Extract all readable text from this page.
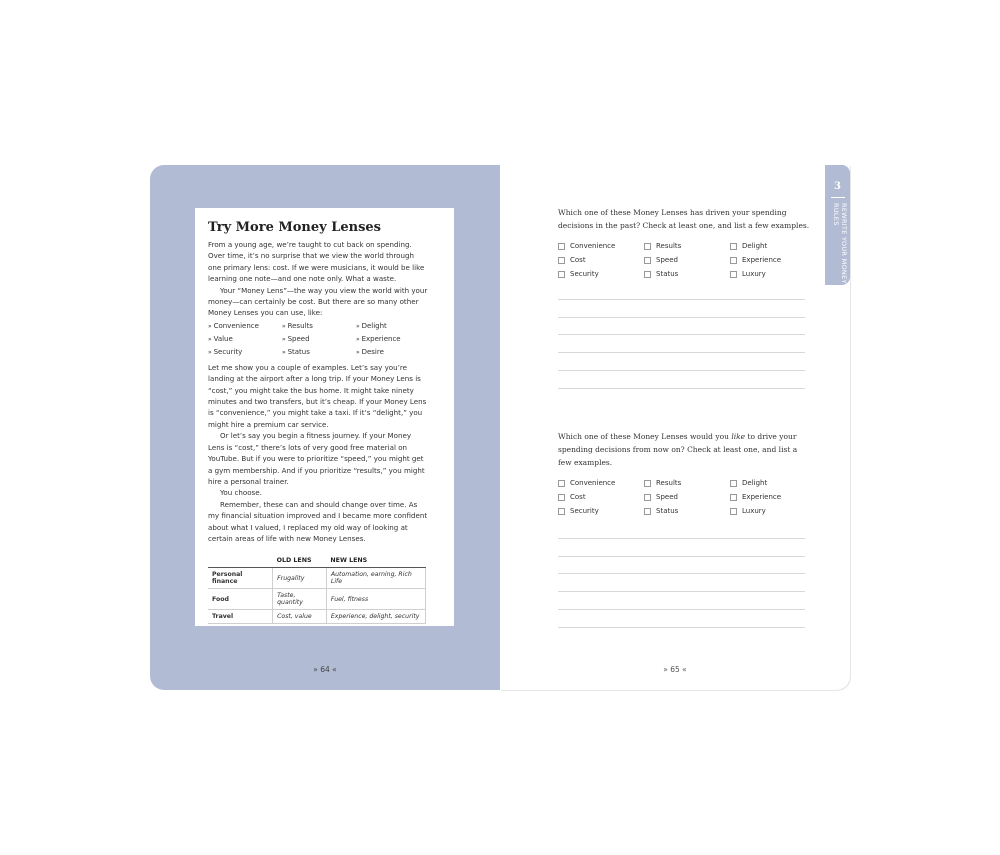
Try More Money Lenses

From a young age, we’re taught to cut back on spending. Over time, it’s no surprise that we view the world through one primary lens: cost. If we were musicians, it would be like learning one note—and one note only. What a waste.

Your “Money Lens”—the way you view the world with your money—can certainly be cost. But there are so many other Money Lenses you can use, like:

» Convenience	» Results	» Delight
» Value	» Speed	» Experience
» Security	» Status	» Desire

Let me show you a couple of examples. Let’s say you’re landing at the airport after a long trip. If your Money Lens is “cost,” you might take the bus home. It might take ninety minutes and two transfers, but it’s cheap. If your Money Lens is “convenience,” you might take a taxi. If it’s “delight,” you might hire a premium car service.

Or let’s say you begin a fitness journey. If your Money Lens is “cost,” there’s lots of very good free material on YouTube. But if you were to prioritize “speed,” you might get a gym membership. And if you prioritize “results,” you might hire a personal trainer.

You choose.

Remember, these can and should change over time. As my financial situation improved and I became more confident about what I valued, I replaced my old way of looking at certain areas of life with new Money Lenses.

	OLD LENS	NEW LENS
Personal finance	Frugality	Automation, earning, Rich Life
Food	Taste, quantity	Fuel, fitness
Travel	Cost, value	Experience, delight, security
» 64 «
Which one of these Money Lenses has driven your spending decisions in the past? Check at least one, and list a few examples.
Convenience	Results	Delight
Cost	Speed	Experience
Security	Status	Luxury
Which one of these Money Lenses would you like to drive your spending decisions from now on? Check at least one, and list a few examples.
Convenience	Results	Delight
Cost	Speed	Experience
Security	Status	Luxury
» 65 «
3
REWRITE YOUR MONEY RULES
